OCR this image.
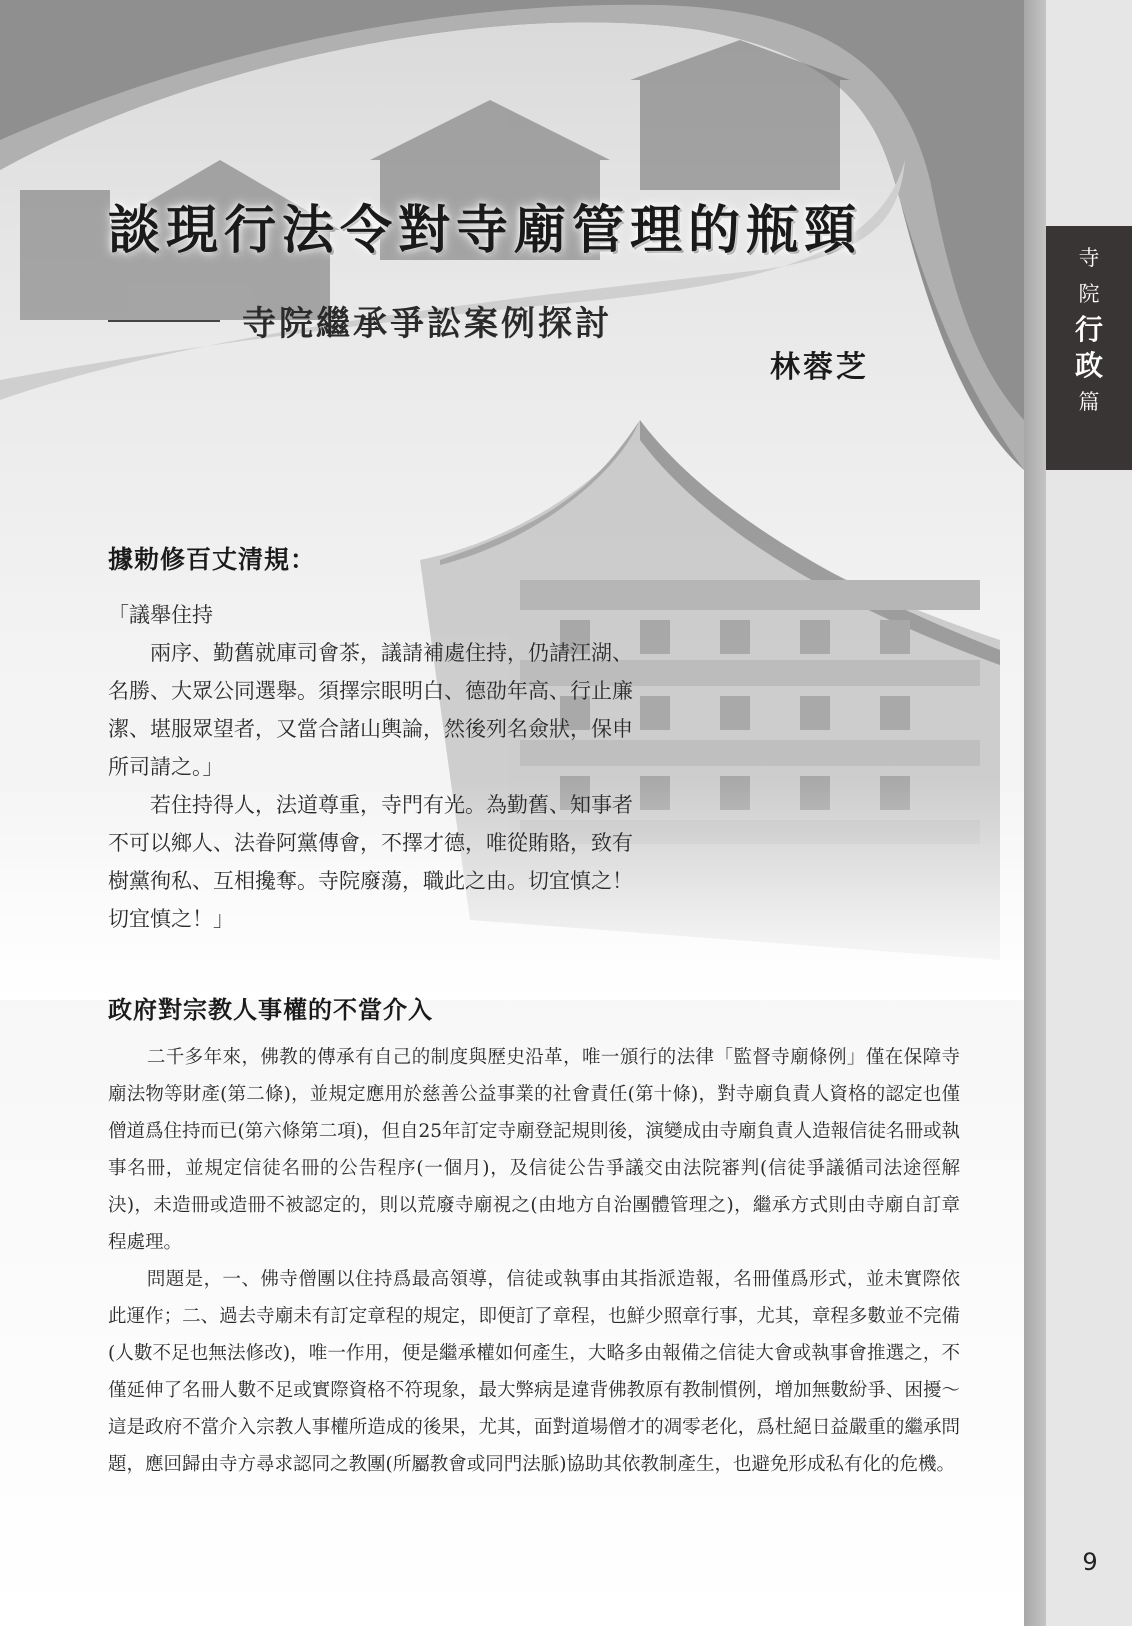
寺
院
行
政
篇
9
談現行法令對寺廟管理的瓶頸
寺院繼承爭訟案例探討
林蓉芝
據勅修百丈清規：

「議舉住持

兩序、勤舊就庫司會茶，議請補處住持，仍請江湖、

名勝、大眾公同選舉。須擇宗眼明白、德劭年高、行止廉

潔、堪服眾望者，又當合諸山輿論，然後列名僉狀，保申

所司請之。」

若住持得人，法道尊重，寺門有光。為勤舊、知事者

不可以鄉人、法眷阿黨傳會，不擇才德，唯從賄賂，致有

樹黨徇私、互相攙奪。寺院廢蕩，職此之由。切宜慎之！

切宜慎之！」

政府對宗教人事權的不當介入

二千多年來，佛教的傳承有自己的制度與歷史沿革，唯一頒行的法律「監督寺廟條例」僅在保障寺廟法物等財產(第二條)，並規定應用於慈善公益事業的社會責任(第十條)，對寺廟負責人資格的認定也僅僧道爲住持而已(第六條第二項)，但自25年訂定寺廟登記規則後，演變成由寺廟負責人造報信徒名冊或執事名冊，並規定信徒名冊的公告程序(一個月)，及信徒公告爭議交由法院審判(信徒爭議循司法途徑解決)，未造冊或造冊不被認定的，則以荒廢寺廟視之(由地方自治團體管理之)，繼承方式則由寺廟自訂章程處理。

問題是，一、佛寺僧團以住持爲最高領導，信徒或執事由其指派造報，名冊僅爲形式，並未實際依此運作；二、過去寺廟未有訂定章程的規定，即便訂了章程，也鮮少照章行事，尤其，章程多數並不完備(人數不足也無法修改)，唯一作用，便是繼承權如何產生，大略多由報備之信徒大會或執事會推選之，不僅延伸了名冊人數不足或實際資格不符現象，最大弊病是違背佛教原有教制慣例，增加無數紛爭、困擾～這是政府不當介入宗教人事權所造成的後果，尤其，面對道場僧才的凋零老化，爲杜絕日益嚴重的繼承問題，應回歸由寺方尋求認同之教團(所屬教會或同門法脈)協助其依教制產生，也避免形成私有化的危機。
